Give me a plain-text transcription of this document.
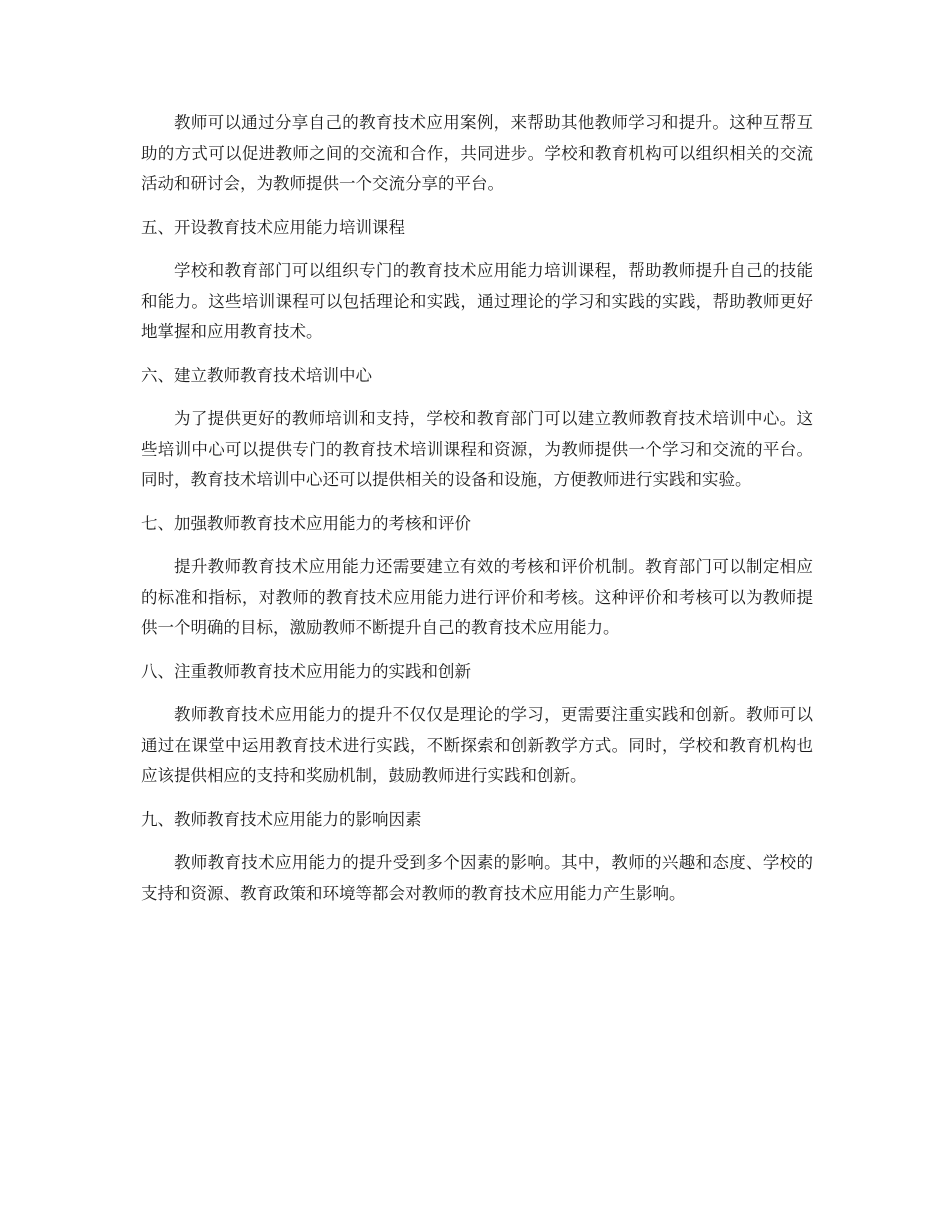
教师可以通过分享自己的教育技术应用案例，来帮助其他教师学习和提升。这种互帮互助的方式可以促进教师之间的交流和合作，共同进步。学校和教育机构可以组织相关的交流活动和研讨会，为教师提供一个交流分享的平台。

五、开设教育技术应用能力培训课程

学校和教育部门可以组织专门的教育技术应用能力培训课程，帮助教师提升自己的技能和能力。这些培训课程可以包括理论和实践，通过理论的学习和实践的实践，帮助教师更好地掌握和应用教育技术。

六、建立教师教育技术培训中心

为了提供更好的教师培训和支持，学校和教育部门可以建立教师教育技术培训中心。这些培训中心可以提供专门的教育技术培训课程和资源，为教师提供一个学习和交流的平台。同时，教育技术培训中心还可以提供相关的设备和设施，方便教师进行实践和实验。

七、加强教师教育技术应用能力的考核和评价

提升教师教育技术应用能力还需要建立有效的考核和评价机制。教育部门可以制定相应的标准和指标，对教师的教育技术应用能力进行评价和考核。这种评价和考核可以为教师提供一个明确的目标，激励教师不断提升自己的教育技术应用能力。

八、注重教师教育技术应用能力的实践和创新

教师教育技术应用能力的提升不仅仅是理论的学习，更需要注重实践和创新。教师可以通过在课堂中运用教育技术进行实践，不断探索和创新教学方式。同时，学校和教育机构也应该提供相应的支持和奖励机制，鼓励教师进行实践和创新。

九、教师教育技术应用能力的影响因素

教师教育技术应用能力的提升受到多个因素的影响。其中，教师的兴趣和态度、学校的支持和资源、教育政策和环境等都会对教师的教育技术应用能力产生影响。
